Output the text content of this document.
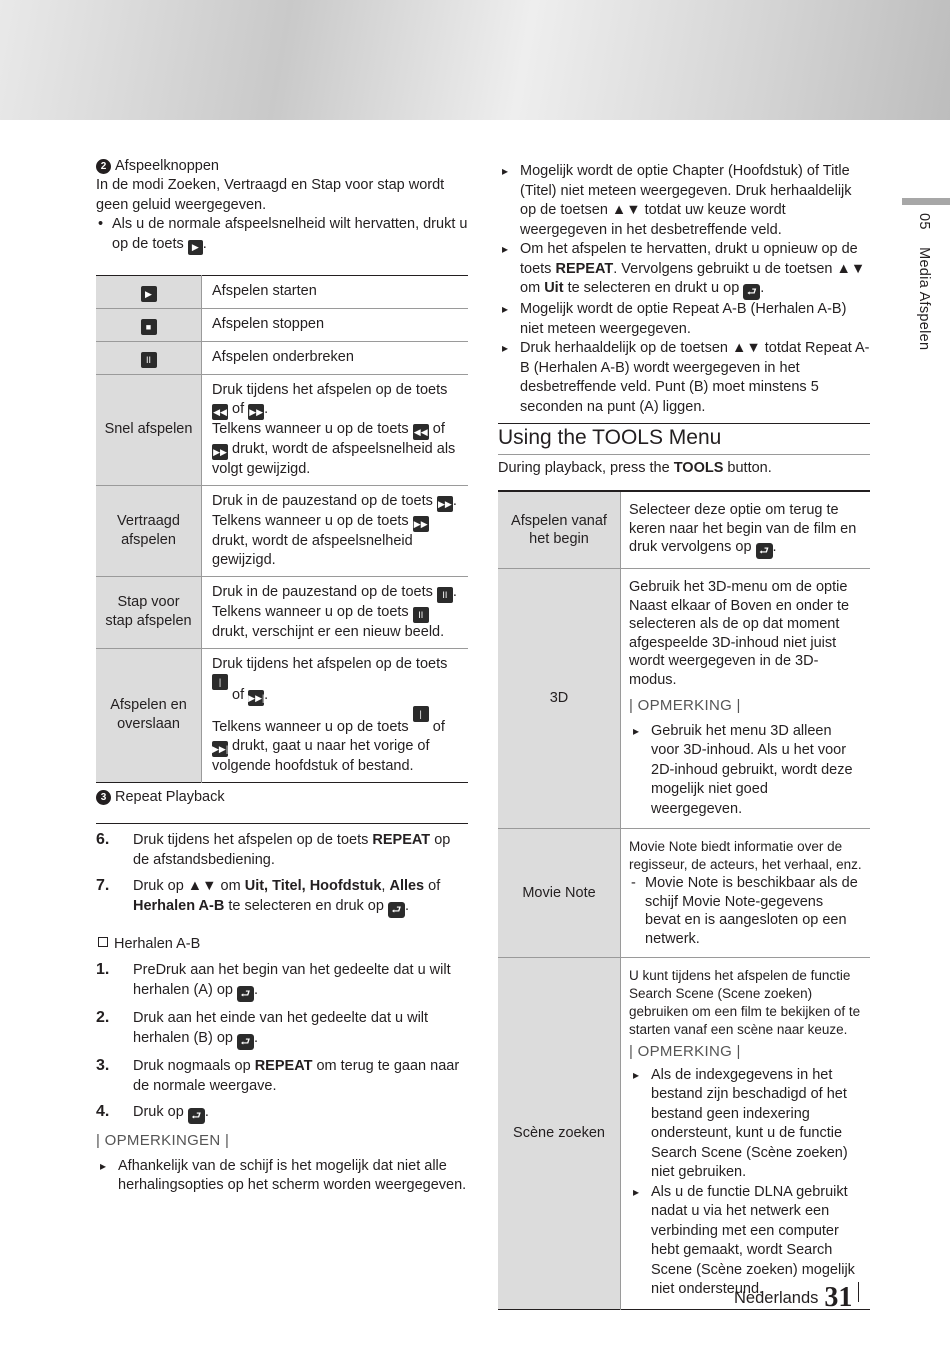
2 Afspeelknoppen

In de modi Zoeken, Vertraagd en Stap voor stap wordt geen geluid weergegeven.

• Als u de normale afspeelsnelheid wilt hervatten, drukt u op de toets ▶ .
▶	Afspelen starten
■	Afspelen stoppen
II	Afspelen onderbreken
Snel afspelen	Druk tijdens het afspelen op de toets ◀◀ of ▶▶.
Telkens wanneer u op de toets ◀◀ of ▶▶ drukt, wordt de afspeelsnelheid als volgt gewijzigd.
Vertraagd afspelen	Druk in de pauzestand op de toets ▶▶.
Telkens wanneer u op de toets ▶▶ drukt, wordt de afspeelsnelheid gewijzigd.
Stap voor stap afspelen	Druk in de pauzestand op de toets II .
Telkens wanneer u op de toets II drukt, verschijnt er een nieuw beeld.
Afspelen en overslaan	Druk tijdens het afspelen op de toets |◀◀ of ▶▶|.
Telkens wanneer u op de toets |◀◀ of ▶▶| drukt, gaat u naar het vorige of volgende hoofdstuk of bestand.
3 Repeat Playback
6. Druk tijdens het afspelen op de toets REPEAT op de afstandsbediening.
7. Druk op ▲▼ om Uit, Titel, Hoofdstuk, Alles of Herhalen A-B te selecteren en druk op ⮐ .
Herhalen A-B
1. PreDruk aan het begin van het gedeelte dat u wilt herhalen (A) op ⮐ .
2. Druk aan het einde van het gedeelte dat u wilt herhalen (B) op ⮐ .
3. Druk nogmaals op REPEAT om terug te gaan naar de normale weergave.
4. Druk op ⮐ .
| OPMERKINGEN |
▸ Afhankelijk van de schijf is het mogelijk dat niet alle herhalingsopties op het scherm worden weergegeven.
▸ Mogelijk wordt de optie Chapter (Hoofdstuk) of Title (Titel) niet meteen weergegeven. Druk herhaaldelijk op de toetsen ▲▼ totdat uw keuze wordt weergegeven in het desbetreffende veld.
▸ Om het afspelen te hervatten, drukt u opnieuw op de toets REPEAT. Vervolgens gebruikt u de toetsen ▲▼ om Uit te selecteren en drukt u op ⮐ .
▸ Mogelijk wordt de optie Repeat A-B (Herhalen A-B) niet meteen weergegeven.
▸ Druk herhaaldelijk op de toetsen ▲▼ totdat Repeat A-B (Herhalen A-B) wordt weergegeven in het desbetreffende veld. Punt (B) moet minstens 5 seconden na punt (A) liggen.
Using the TOOLS Menu
During playback, press the TOOLS button.
Afspelen vanaf het begin	Selecteer deze optie om terug te keren naar het begin van de film en druk vervolgens op ⮐ .
3D	Gebruik het 3D-menu om de optie Naast elkaar of Boven en onder te selecteren als de op dat moment afgespeelde 3D-inhoud niet juist wordt weergegeven in de 3D-modus.
| OPMERKING |
▸ Gebruik het menu 3D alleen voor 3D-inhoud. Als u het voor 2D-inhoud gebruikt, wordt deze mogelijk niet goed weergegeven.

Movie Note	Movie Note biedt informatie over de regisseur, de acteurs, het verhaal, enz.
- Movie Note is beschikbaar als de schijf Movie Note-gegevens bevat en is aangesloten op een netwerk.

Scène zoeken	U kunt tijdens het afspelen de functie Search Scene (Scene zoeken) gebruiken om een film te bekijken of te starten vanaf een scène naar keuze.
| OPMERKING |
▸ Als de indexgegevens in het bestand zijn beschadigd of het bestand geen indexering ondersteunt, kunt u de functie Search Scene (Scène zoeken) niet gebruiken.
▸ Als u de functie DLNA gebruikt nadat u via het netwerk een verbinding met een computer hebt gemaakt, wordt Search Scene (Scène zoeken) mogelijk niet ondersteund.
05    Media Afspelen
Nederlands 31
